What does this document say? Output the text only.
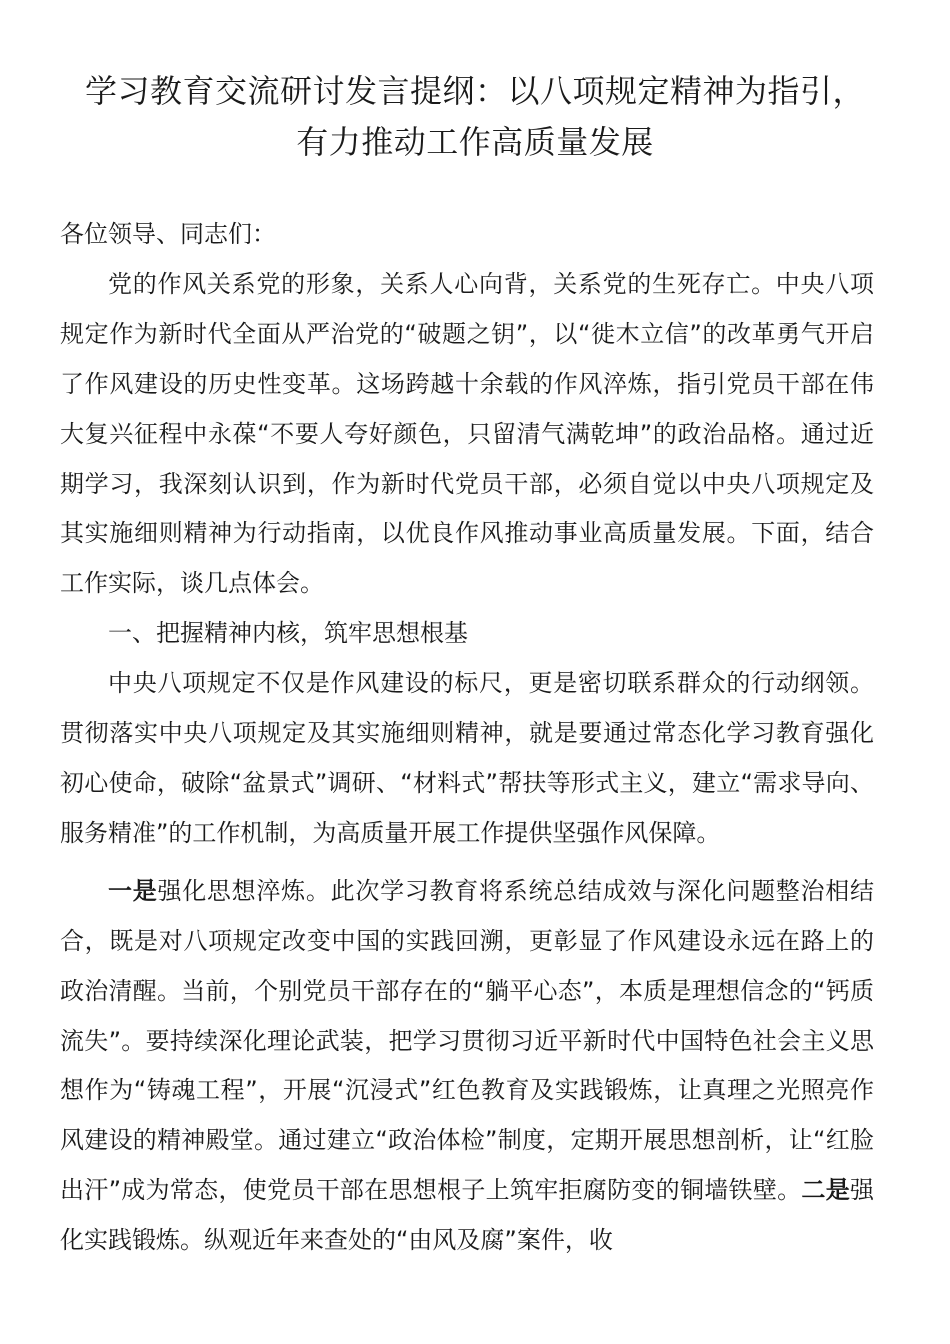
学习教育交流研讨发言提纲：以八项规定精神为指引，有力推动工作高质量发展

各位领导、同志们：

党的作风关系党的形象，关系人心向背，关系党的生死存亡。中央八项规定作为新时代全面从严治党的“破题之钥”，以“徙木立信”的改革勇气开启了作风建设的历史性变革。这场跨越十余载的作风淬炼，指引党员干部在伟大复兴征程中永葆“不要人夸好颜色，只留清气满乾坤”的政治品格。通过近期学习，我深刻认识到，作为新时代党员干部，必须自觉以中央八项规定及其实施细则精神为行动指南，以优良作风推动事业高质量发展。下面，结合工作实际，谈几点体会。

一、把握精神内核，筑牢思想根基

中央八项规定不仅是作风建设的标尺，更是密切联系群众的行动纲领。贯彻落实中央八项规定及其实施细则精神，就是要通过常态化学习教育强化初心使命，破除“盆景式”调研、“材料式”帮扶等形式主义，建立“需求导向、服务精准”的工作机制，为高质量开展工作提供坚强作风保障。

一是强化思想淬炼。此次学习教育将系统总结成效与深化问题整治相结合，既是对八项规定改变中国的实践回溯，更彰显了作风建设永远在路上的政治清醒。当前，个别党员干部存在的“躺平心态”，本质是理想信念的“钙质流失”。要持续深化理论武装，把学习贯彻习近平新时代中国特色社会主义思想作为“铸魂工程”，开展“沉浸式”红色教育及实践锻炼，让真理之光照亮作风建设的精神殿堂。通过建立“政治体检”制度，定期开展思想剖析，让“红脸出汗”成为常态，使党员干部在思想根子上筑牢拒腐防变的铜墙铁壁。二是强化实践锻炼。纵观近年来查处的“由风及腐”案件，收
